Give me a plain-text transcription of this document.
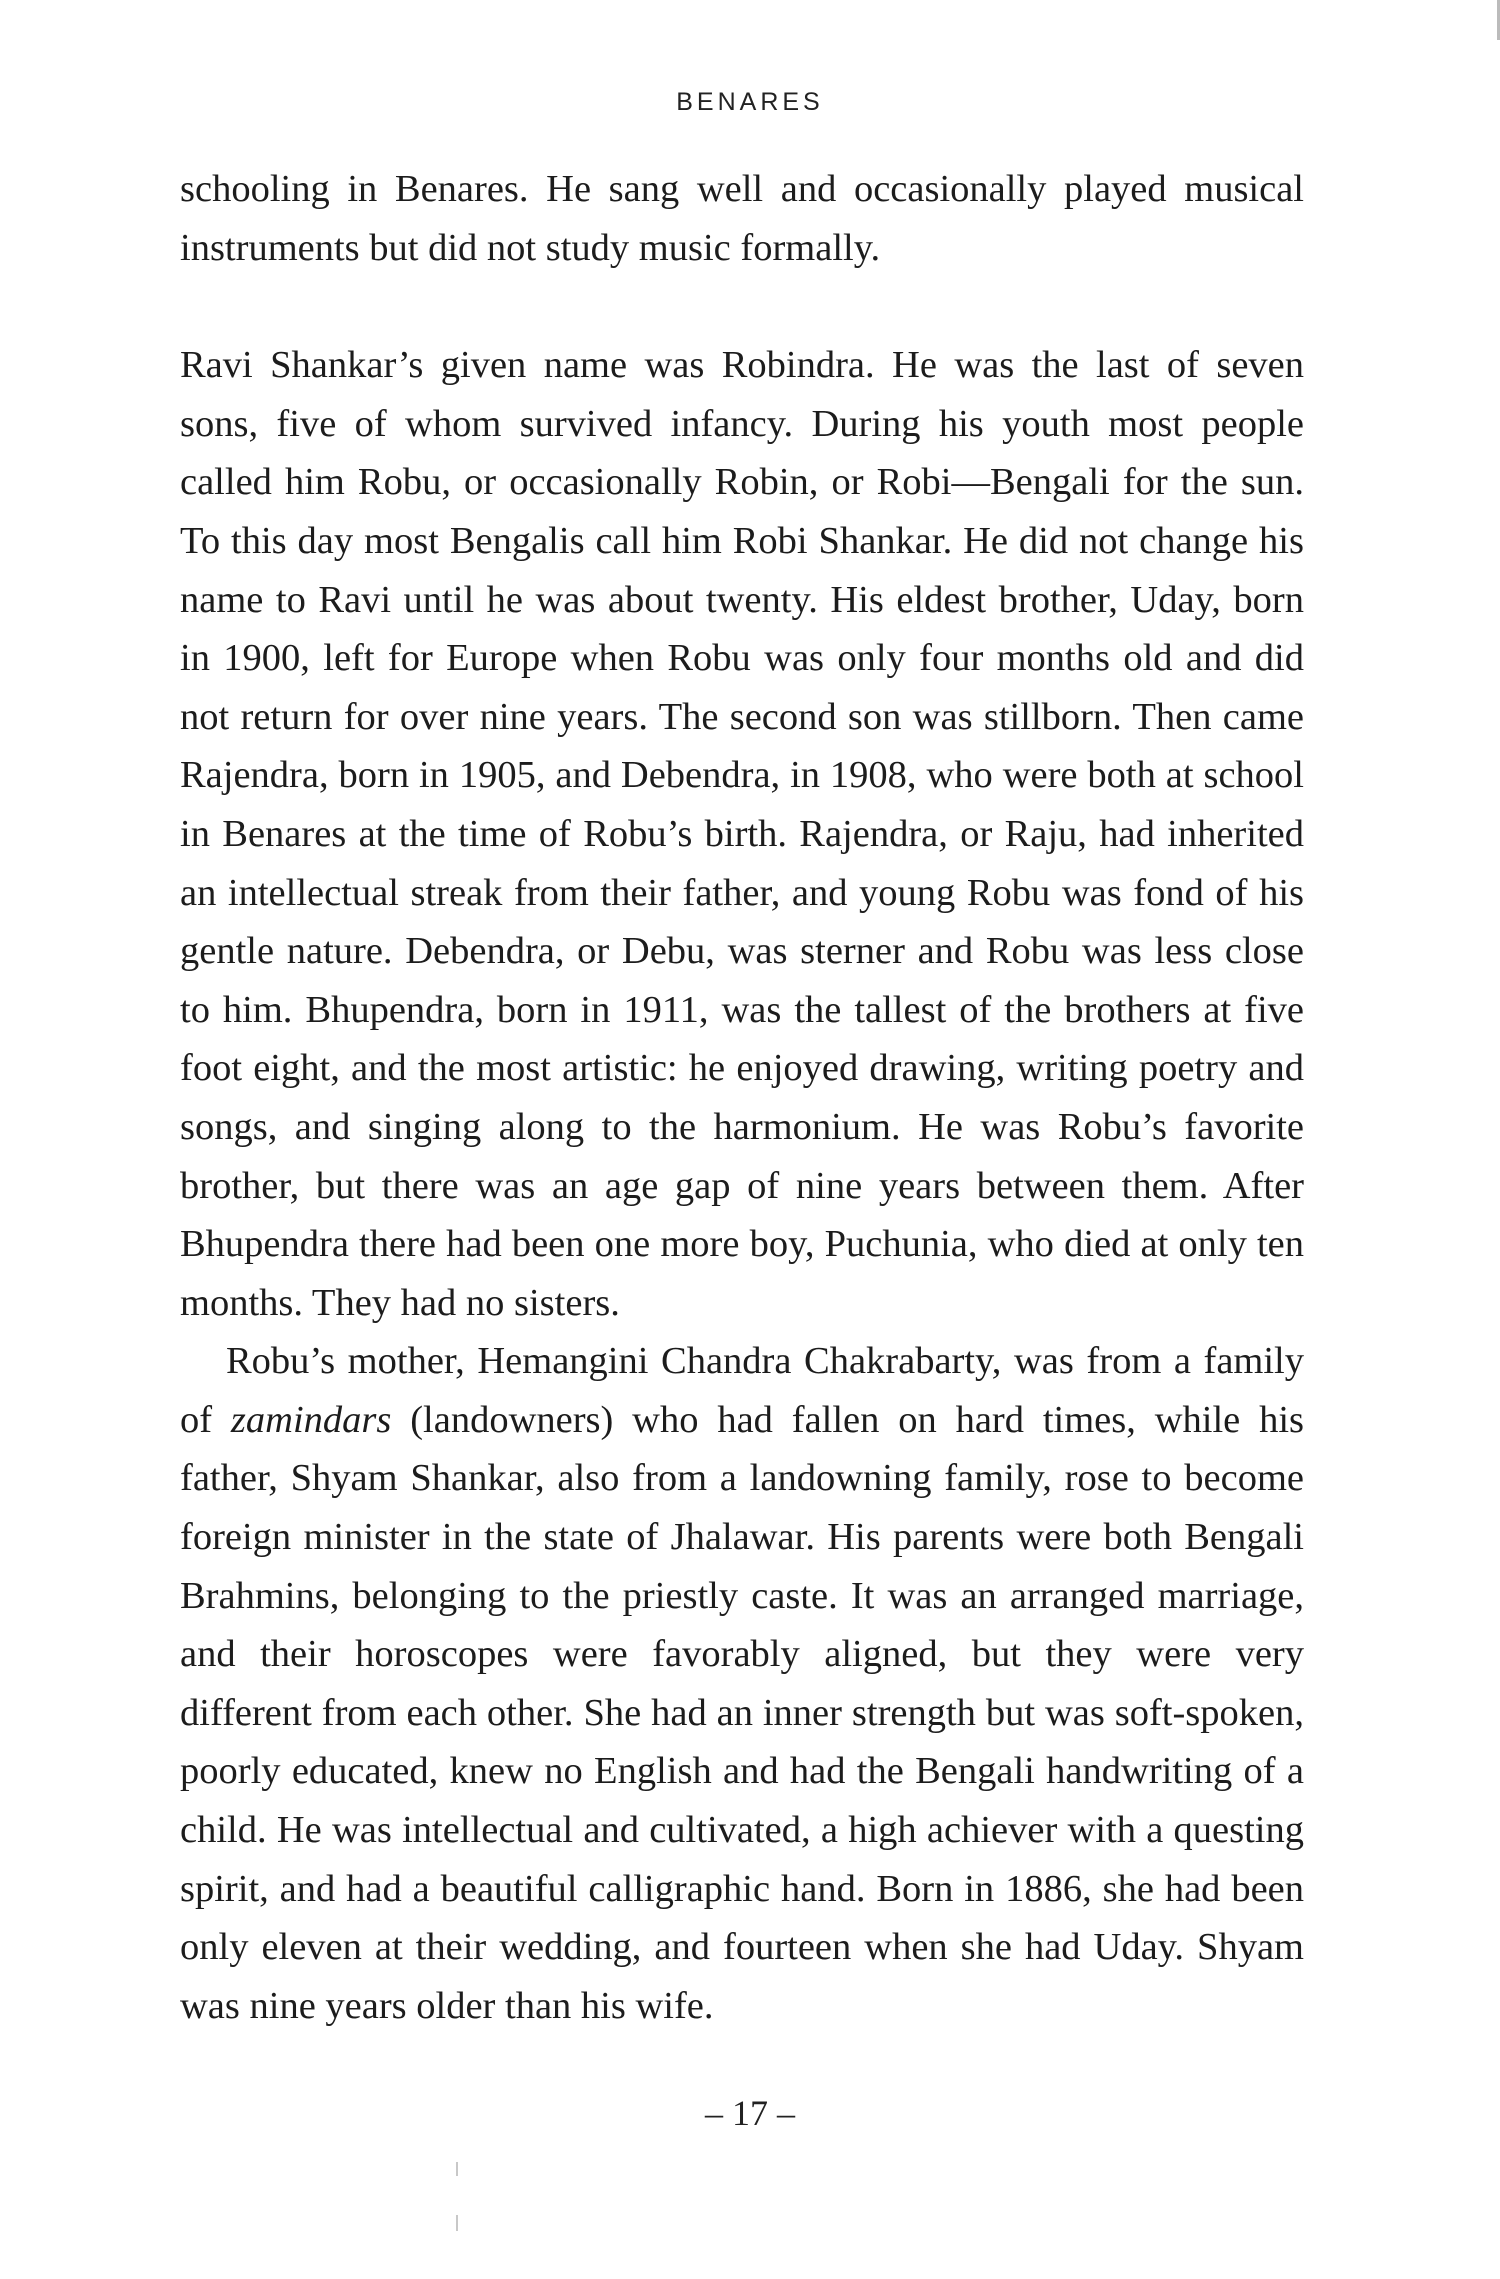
BENARES

schooling in Benares. He sang well and occasionally played musical instruments but did not study music formally.

Ravi Shankar’s given name was Robindra. He was the last of seven sons, five of whom survived infancy. During his youth most people called him Robu, or occasionally Robin, or Robi—Bengali for the sun. To this day most Bengalis call him Robi Shankar. He did not change his name to Ravi until he was about twenty. His eldest brother, Uday, born in 1900, left for Europe when Robu was only four months old and did not return for over nine years. The second son was stillborn. Then came Rajendra, born in 1905, and Debendra, in 1908, who were both at school in Benares at the time of Robu’s birth. Rajendra, or Raju, had inherited an intellectual streak from their father, and young Robu was fond of his gentle nature. Debendra, or Debu, was sterner and Robu was less close to him. Bhupendra, born in 1911, was the tallest of the brothers at five foot eight, and the most artistic: he enjoyed drawing, writing poetry and songs, and singing along to the harmonium. He was Robu’s favorite brother, but there was an age gap of nine years between them. After Bhupendra there had been one more boy, Puchunia, who died at only ten months. They had no sisters.

Robu’s mother, Hemangini Chandra Chakrabarty, was from a family of zamindars (landowners) who had fallen on hard times, while his father, Shyam Shankar, also from a landowning family, rose to become foreign minister in the state of Jhalawar. His parents were both Bengali Brahmins, belonging to the priestly caste. It was an arranged marriage, and their horoscopes were favorably aligned, but they were very different from each other. She had an inner strength but was soft-spoken, poorly educated, knew no English and had the Bengali handwriting of a child. He was intellectual and cultivated, a high achiever with a questing spirit, and had a beautiful calligraphic hand. Born in 1886, she had been only eleven at their wedding, and fourteen when she had Uday. Shyam was nine years older than his wife.

– 17 –
